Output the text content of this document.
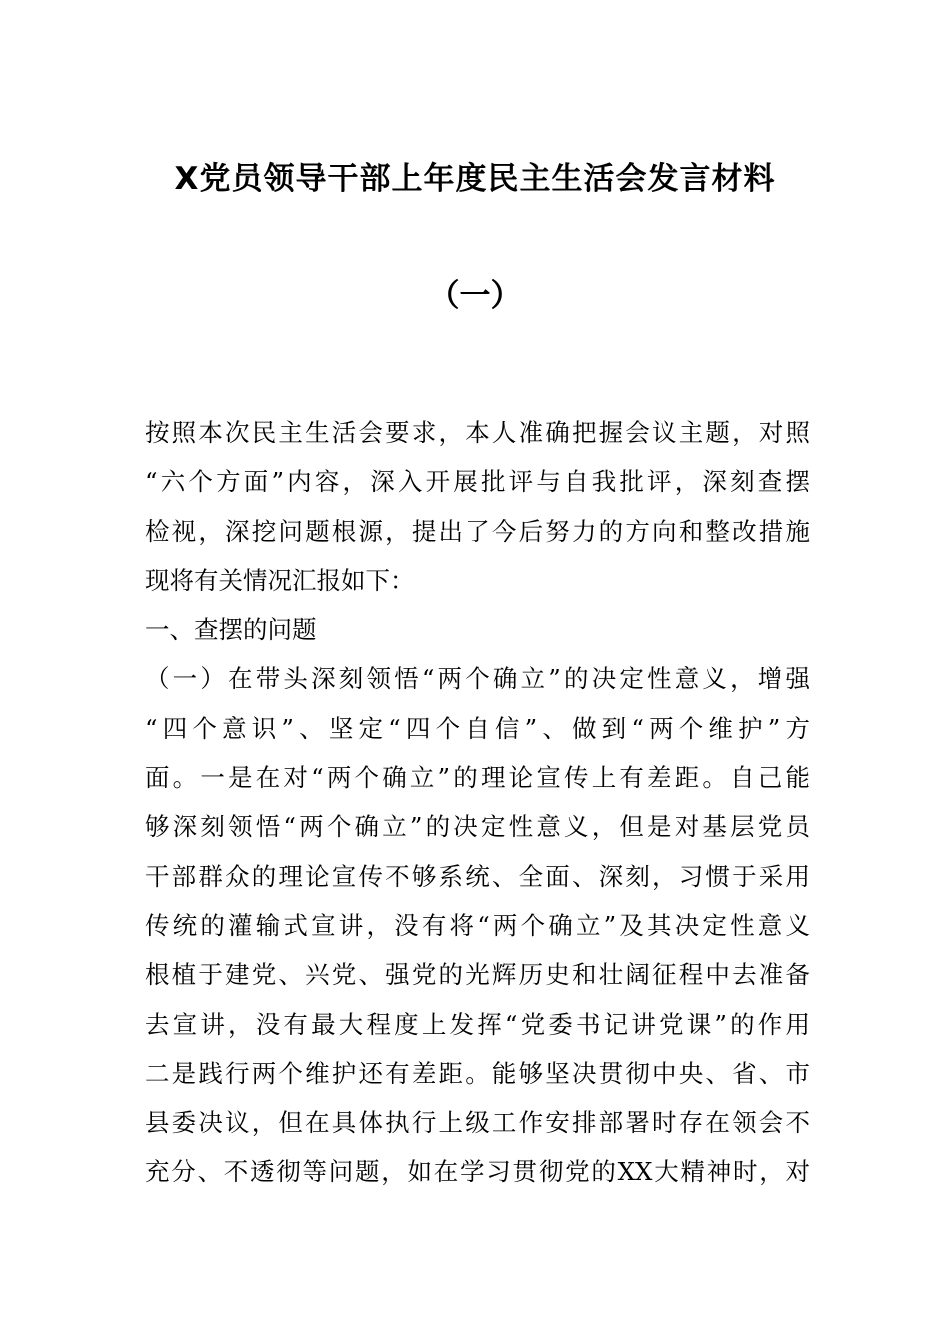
X党员领导干部上年度民主生活会发言材料
（一）
按照本次民主生活会要求，本人准确把握会议主题，对照
“六个方面”内容，深入开展批评与自我批评，深刻查摆
检视，深挖问题根源，提出了今后努力的方向和整改措施
现将有关情况汇报如下：
一、查摆的问题
（一）在带头深刻领悟“两个确立”的决定性意义，增强
“四个意识”、坚定“四个自信”、做到“两个维护”方
面。一是在对“两个确立”的理论宣传上有差距。自己能
够深刻领悟“两个确立”的决定性意义，但是对基层党员
干部群众的理论宣传不够系统、全面、深刻，习惯于采用
传统的灌输式宣讲，没有将“两个确立”及其决定性意义
根植于建党、兴党、强党的光辉历史和壮阔征程中去准备
去宣讲，没有最大程度上发挥“党委书记讲党课”的作用
二是践行两个维护还有差距。能够坚决贯彻中央、省、市
县委决议，但在具体执行上级工作安排部署时存在领会不
充分、不透彻等问题，如在学习贯彻党的XX大精神时，对
